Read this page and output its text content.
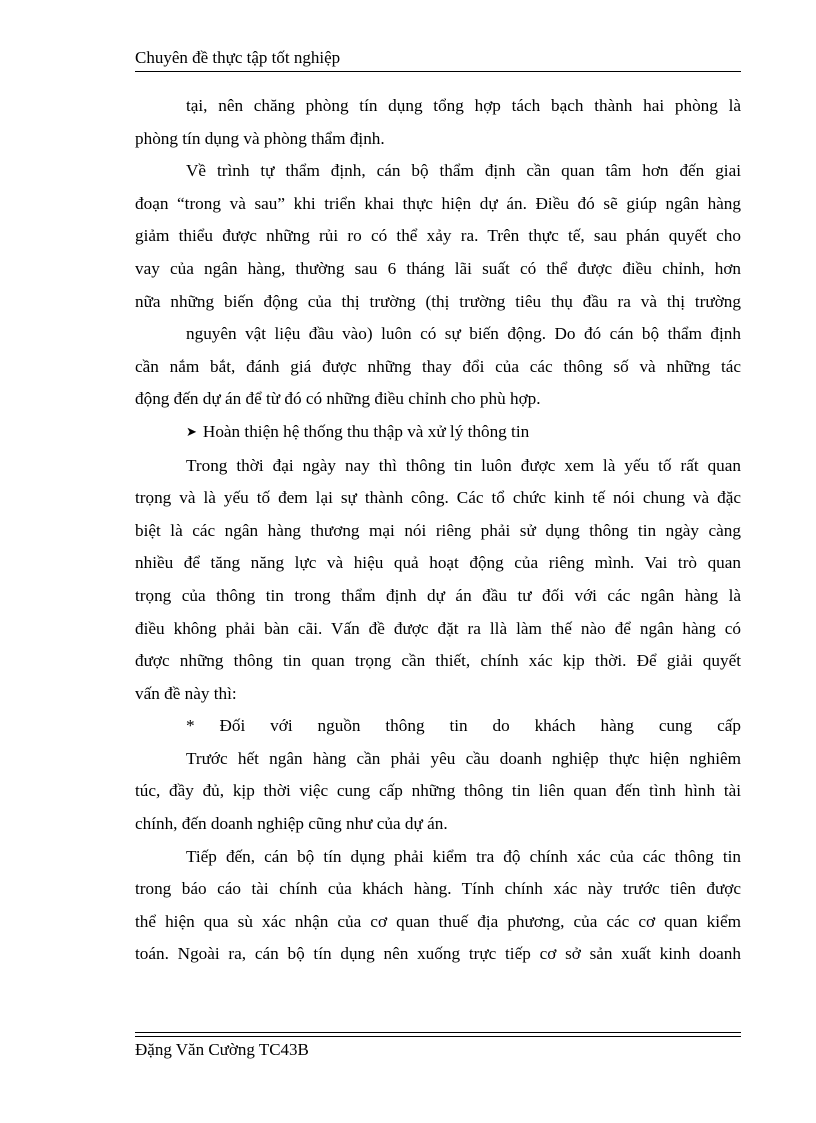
Chuyên đề thực tập tốt nghiệp
tại, nên chăng phòng tín dụng tổng hợp tách bạch thành hai phòng là
phòng tín dụng và phòng thẩm định.
Về trình tự thẩm định, cán bộ thẩm định cần quan tâm hơn đến giai
đoạn “trong và sau” khi triển khai thực hiện dự án. Điều đó sẽ giúp ngân hàng
giảm thiểu được những rủi ro có thể xảy ra. Trên thực tế, sau phán quyết cho
vay của ngân hàng, thường sau 6 tháng lãi suất có thể được điều chỉnh, hơn
nữa những biến động của thị trường (thị trường tiêu thụ đầu ra và thị trường
nguyên vật liệu đầu vào) luôn có sự biến động. Do đó cán bộ thẩm định
cần nắm bắt, đánh giá được những thay đổi của các thông số và những tác
động đến dự án để từ đó có những điều chỉnh cho phù hợp.
➤ Hoàn thiện hệ thống thu thập và xử lý thông tin
Trong thời đại ngày nay thì thông tin luôn được xem là yếu tố rất quan
trọng và là yếu tố đem lại sự thành công. Các tổ chức kinh tế nói chung và đặc
biệt là các ngân hàng thương mại nói riêng phải sử dụng thông tin ngày càng
nhiều để tăng năng lực và hiệu quả hoạt động của riêng mình. Vai trò quan
trọng của thông tin trong thẩm định dự án đầu tư đối với các ngân hàng là
điều không phải bàn cãi. Vấn đề được đặt ra llà làm thế nào để ngân hàng có
được những thông tin quan trọng cần thiết, chính xác kịp thời. Để giải quyết
vấn đề này thì:
* Đối với nguồn thông tin do khách hàng cung cấp
Trước hết ngân hàng cần phải yêu cầu doanh nghiệp thực hiện nghiêm
túc, đầy đủ, kịp thời việc cung cấp những thông tin liên quan đến tình hình tài
chính, đến doanh nghiệp cũng như của dự án.
Tiếp đến, cán bộ tín dụng phải kiểm tra độ chính xác của các thông tin
trong báo cáo tài chính của khách hàng. Tính chính xác này trước tiên được
thể hiện qua sù xác nhận của cơ quan thuế địa phương, của các cơ quan kiểm
toán. Ngoài ra, cán bộ tín dụng nên xuống trực tiếp cơ sở sản xuất kinh doanh
Đặng Văn Cường TC43B
